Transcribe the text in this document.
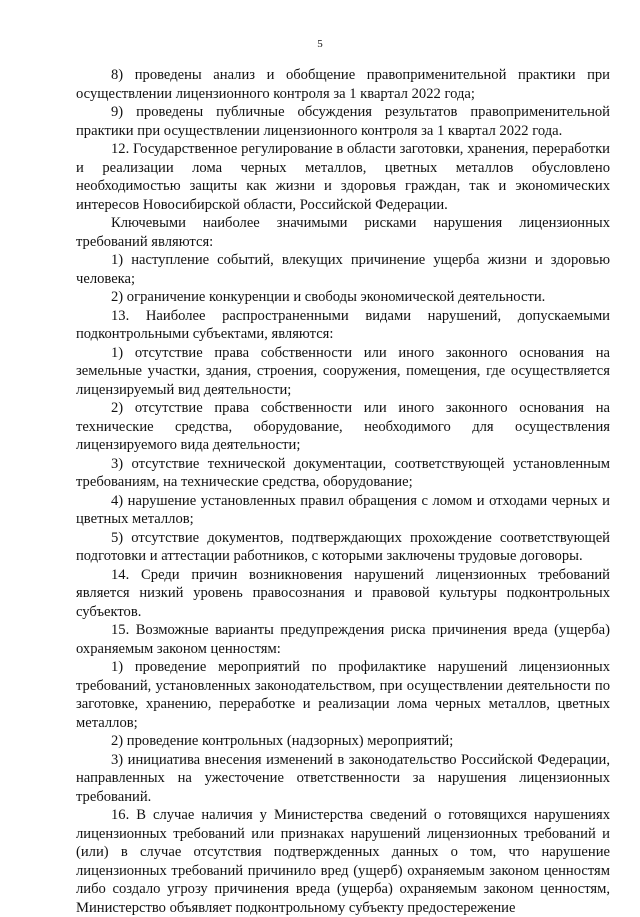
5

8) проведены анализ и обобщение правоприменительной практики при осуществлении лицензионного контроля за 1 квартал 2022 года;

9) проведены публичные обсуждения результатов правоприменительной практики при осуществлении лицензионного контроля за 1 квартал 2022 года.

12. Государственное регулирование в области заготовки, хранения, переработки и реализации лома черных металлов, цветных металлов обусловлено необходимостью защиты как жизни и здоровья граждан, так и экономических интересов Новосибирской области, Российской Федерации.

Ключевыми наиболее значимыми рисками нарушения лицензионных требований являются:

1) наступление событий, влекущих причинение ущерба жизни и здоровью человека;

2) ограничение конкуренции и свободы экономической деятельности.

13. Наиболее распространенными видами нарушений, допускаемыми подконтрольными субъектами, являются:

1) отсутствие права собственности или иного законного основания на земельные участки, здания, строения, сооружения, помещения, где осуществляется лицензируемый вид деятельности;

2) отсутствие права собственности или иного законного основания на технические средства, оборудование, необходимого для осуществления лицензируемого вида деятельности;

3) отсутствие технической документации, соответствующей установленным требованиям, на технические средства, оборудование;

4) нарушение установленных правил обращения с ломом и отходами черных и цветных металлов;

5) отсутствие документов, подтверждающих прохождение соответствующей подготовки и аттестации работников, с которыми заключены трудовые договоры.

14. Среди причин возникновения нарушений лицензионных требований является низкий уровень правосознания и правовой культуры подконтрольных субъектов.

15. Возможные варианты предупреждения риска причинения вреда (ущерба) охраняемым законом ценностям:

1) проведение мероприятий по профилактике нарушений лицензионных требований, установленных законодательством, при осуществлении деятельности по заготовке, хранению, переработке и реализации лома черных металлов, цветных металлов;

2) проведение контрольных (надзорных) мероприятий;

3) инициатива внесения изменений в законодательство Российской Федерации, направленных на ужесточение ответственности за нарушения лицензионных требований.

16. В случае наличия у Министерства сведений о готовящихся нарушениях лицензионных требований или признаках нарушений лицензионных требований и (или) в случае отсутствия подтвержденных данных о том, что нарушение лицензионных требований причинило вред (ущерб) охраняемым законом ценностям либо создало угрозу причинения вреда (ущерба) охраняемым законом ценностям, Министерство объявляет подконтрольному субъекту предостережение
